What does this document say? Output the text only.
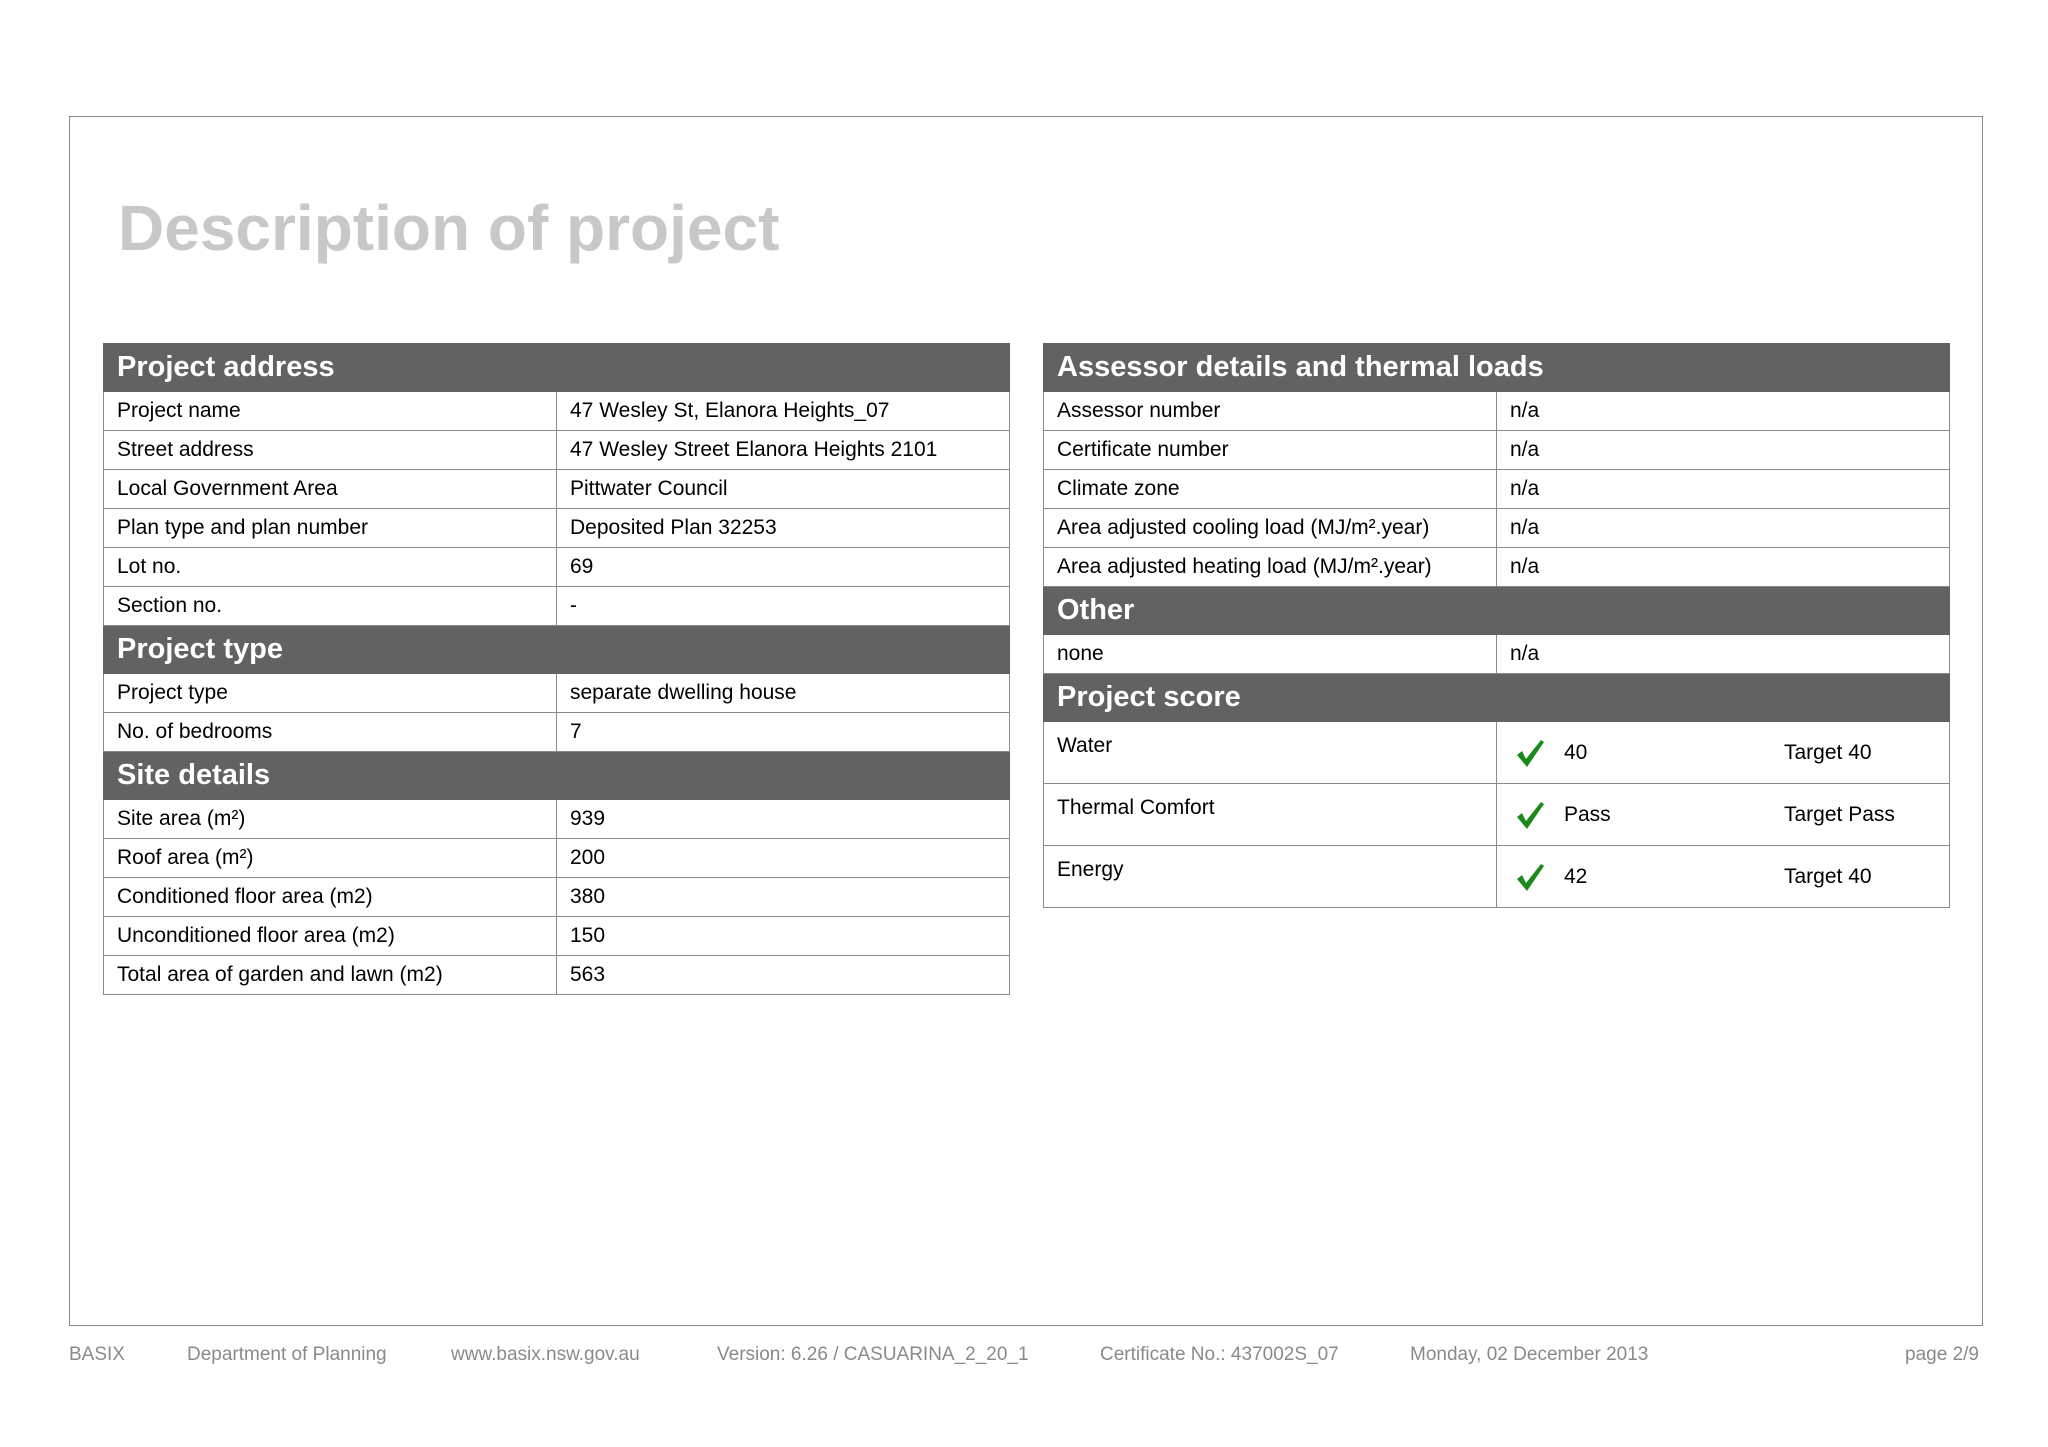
Description of project
Project address	
Project name	47 Wesley St, Elanora Heights_07
Street address	47 Wesley Street Elanora Heights 2101
Local Government Area	Pittwater Council
Plan type and plan number	Deposited Plan 32253
Lot no.	69
Section no.	-
Project type	
Project type	separate dwelling house
No. of bedrooms	7
Site details	
Site area (m²)	939
Roof area (m²)	200
Conditioned floor area (m2)	380
Unconditioned floor area (m2)	150
Total area of garden and lawn (m2)	563
Assessor details and thermal loads	
Assessor number	n/a
Certificate number	n/a
Climate zone	n/a
Area adjusted cooling load (MJ/m².year)	n/a
Area adjusted heating load (MJ/m².year)	n/a
Other	
none	n/a
Project score	
Water	40 Target 40

Thermal Comfort	Pass Target Pass

Energy	42 Target 40
BASIX	Department of Planning	www.basix.nsw.gov.au	Version: 6.26 / CASUARINA_2_20_1	Certificate No.: 437002S_07	Monday, 02 December 2013	page 2/9
